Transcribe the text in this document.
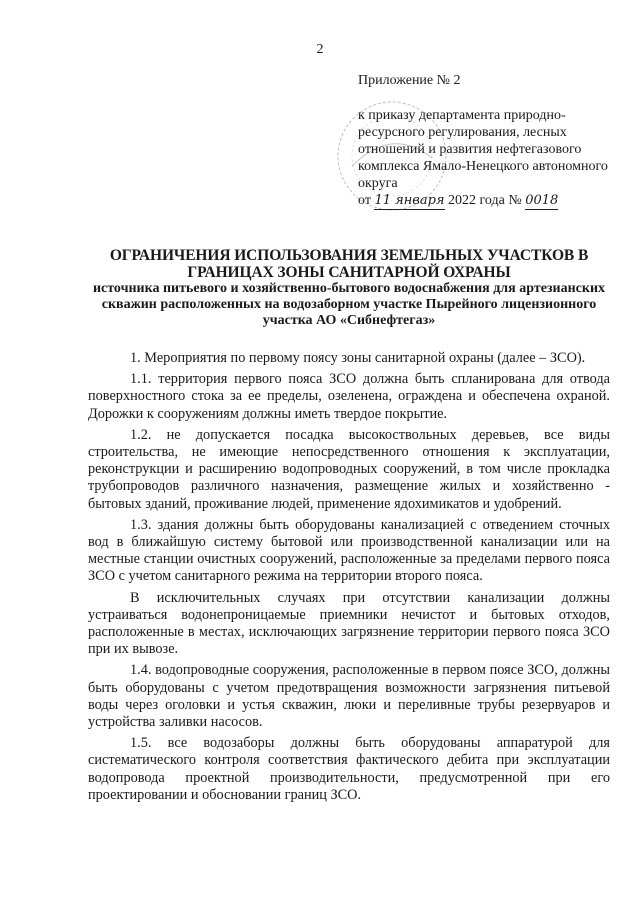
2

Приложение № 2

к приказу департамента природно-ресурсного регулирования, лесных отношений и развития нефтегазового комплекса Ямало-Ненецкого автономного округа

от 11 января 2022 года № 0018
ОГРАНИЧЕНИЯ ИСПОЛЬЗОВАНИЯ ЗЕМЕЛЬНЫХ УЧАСТКОВ В ГРАНИЦАХ ЗОНЫ САНИТАРНОЙ ОХРАНЫ
источника питьевого и хозяйственно-бытового водоснабжения для артезианских скважин расположенных на водозаборном участке Пырейного лицензионного участка АО «Сибнефтегаз»

1. Мероприятия по первому поясу зоны санитарной охраны (далее – ЗСО).

1.1. территория первого пояса ЗСО должна быть спланирована для отвода поверхностного стока за ее пределы, озеленена, ограждена и обеспечена охраной. Дорожки к сооружениям должны иметь твердое покрытие.

1.2. не допускается посадка высокоствольных деревьев, все виды строительства, не имеющие непосредственного отношения к эксплуатации, реконструкции и расширению водопроводных сооружений, в том числе прокладка трубопроводов различного назначения, размещение жилых и хозяйственно - бытовых зданий, проживание людей, применение ядохимикатов и удобрений.

1.3. здания должны быть оборудованы канализацией с отведением сточных вод в ближайшую систему бытовой или производственной канализации или на местные станции очистных сооружений, расположенные за пределами первого пояса ЗСО с учетом санитарного режима на территории второго пояса.

В исключительных случаях при отсутствии канализации должны устраиваться водонепроницаемые приемники нечистот и бытовых отходов, расположенные в местах, исключающих загрязнение территории первого пояса ЗСО при их вывозе.

1.4. водопроводные сооружения, расположенные в первом поясе ЗСО, должны быть оборудованы с учетом предотвращения возможности загрязнения питьевой воды через оголовки и устья скважин, люки и переливные трубы резервуаров и устройства заливки насосов.

1.5. все водозаборы должны быть оборудованы аппаратурой для систематического контроля соответствия фактического дебита при эксплуатации водопровода проектной производительности, предусмотренной при его проектировании и обосновании границ ЗСО.
